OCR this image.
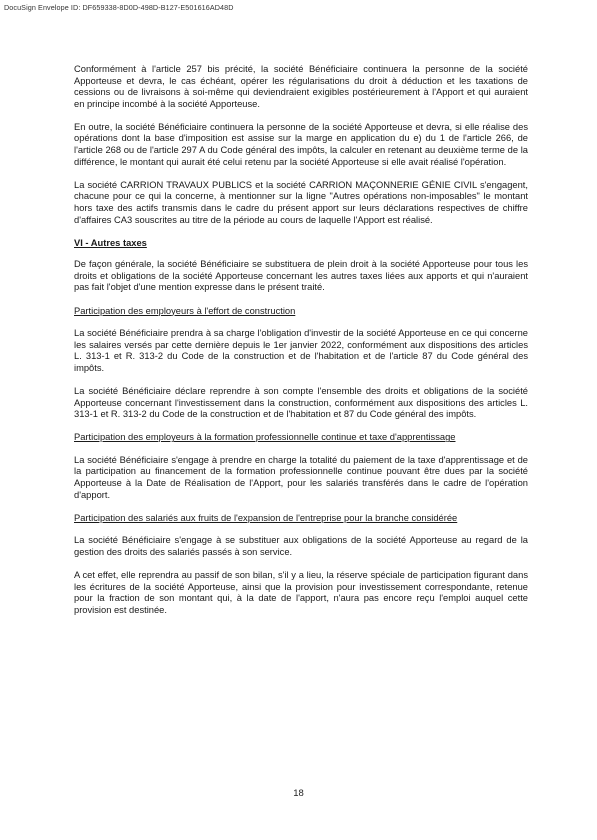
DocuSign Envelope ID: DF659338-8D0D-498D-B127-E501616AD48D

Conformément à l'article 257 bis précité, la société Bénéficiaire continuera la personne de la société Apporteuse et devra, le cas échéant, opérer les régularisations du droit à déduction et les taxations de cessions ou de livraisons à soi-même qui deviendraient exigibles postérieurement à l'Apport et qui auraient en principe incombé à la société Apporteuse.

En outre, la société Bénéficiaire continuera la personne de la société Apporteuse et devra, si elle réalise des opérations dont la base d'imposition est assise sur la marge en application du e) du 1 de l'article 266, de l'article 268 ou de l'article 297 A du Code général des impôts, la calculer en retenant au deuxième terme de la différence, le montant qui aurait été celui retenu par la société Apporteuse si elle avait réalisé l'opération.

La société CARRION TRAVAUX PUBLICS et la société CARRION MAÇONNERIE GÉNIE CIVIL s'engagent, chacune pour ce qui la concerne, à mentionner sur la ligne "Autres opérations non-imposables" le montant hors taxe des actifs transmis dans le cadre du présent apport sur leurs déclarations respectives de chiffre d'affaires CA3 souscrites au titre de la période au cours de laquelle l'Apport est réalisé.

VI - Autres taxes

De façon générale, la société Bénéficiaire se substituera de plein droit à la société Apporteuse pour tous les droits et obligations de la société Apporteuse concernant les autres taxes liées aux apports et qui n'auraient pas fait l'objet d'une mention expresse dans le présent traité.

Participation des employeurs à l'effort de construction

La société Bénéficiaire prendra à sa charge l'obligation d'investir de la société Apporteuse en ce qui concerne les salaires versés par cette dernière depuis le 1er janvier 2022, conformément aux dispositions des articles L. 313-1 et R. 313-2 du Code de la construction et de l'habitation et de l'article 87 du Code général des impôts.

La société Bénéficiaire déclare reprendre à son compte l'ensemble des droits et obligations de la société Apporteuse concernant l'investissement dans la construction, conformément aux dispositions des articles L. 313-1 et R. 313-2 du Code de la construction et de l'habitation et 87 du Code général des impôts.

Participation des employeurs à la formation professionnelle continue et taxe d'apprentissage

La société Bénéficiaire s'engage à prendre en charge la totalité du paiement de la taxe d'apprentissage et de la participation au financement de la formation professionnelle continue pouvant être dues par la société Apporteuse à la Date de Réalisation de l'Apport, pour les salariés transférés dans le cadre de l'opération d'apport.

Participation des salariés aux fruits de l'expansion de l'entreprise pour la branche considérée

La société Bénéficiaire s'engage à se substituer aux obligations de la société Apporteuse au regard de la gestion des droits des salariés passés à son service.

A cet effet, elle reprendra au passif de son bilan, s'il y a lieu, la réserve spéciale de participation figurant dans les écritures de la société Apporteuse, ainsi que la provision pour investissement correspondante, retenue pour la fraction de son montant qui, à la date de l'apport, n'aura pas encore reçu l'emploi auquel cette provision est destinée.

18
